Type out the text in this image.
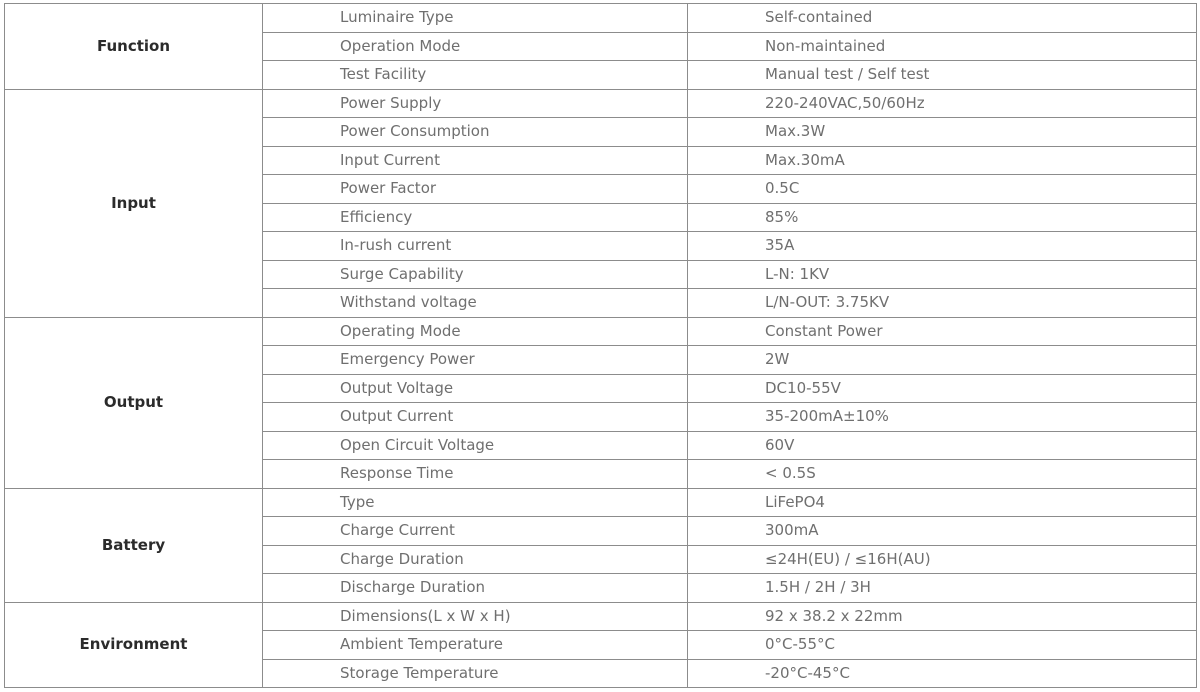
Function	Luminaire Type	Self-contained
	Operation Mode	Non-maintained
	Test Facility	Manual test / Self test
Input	Power Supply	220-240VAC,50/60Hz
	Power Consumption	Max.3W
	Input Current	Max.30mA
	Power Factor	0.5C
	Efficiency	85%
	In-rush current	35A
	Surge Capability	L-N: 1KV
	Withstand voltage	L/N-OUT: 3.75KV
Output	Operating Mode	Constant Power
	Emergency Power	2W
	Output Voltage	DC10-55V
	Output Current	35-200mA±10%
	Open Circuit Voltage	60V
	Response Time	< 0.5S
Battery	Type	LiFePO4
	Charge Current	300mA
	Charge Duration	≤24H(EU) / ≤16H(AU)
	Discharge Duration	1.5H / 2H / 3H
Environment	Dimensions(L x W x H)	92 x 38.2 x 22mm
	Ambient Temperature	0°C-55°C
	Storage Temperature	-20°C-45°C
